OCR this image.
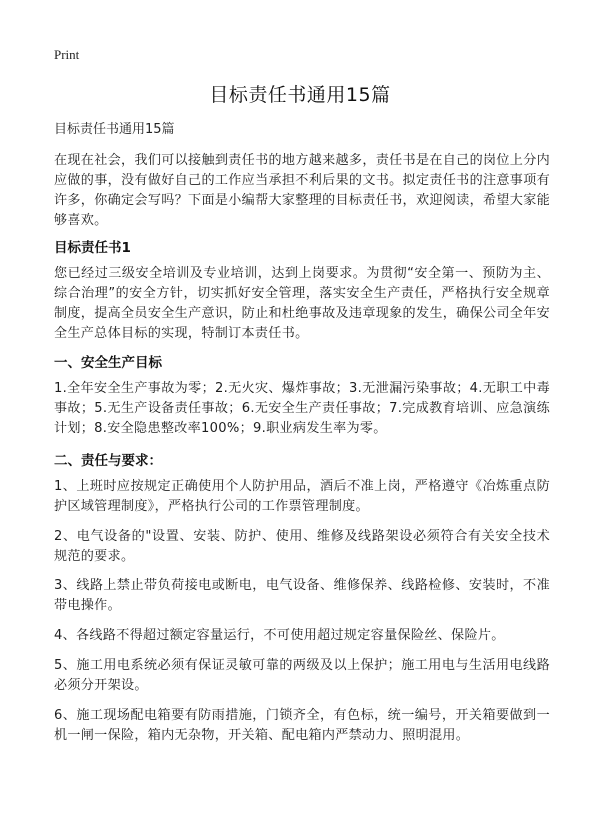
Print
目标责任书通用15篇
目标责任书通用15篇

在现在社会，我们可以接触到责任书的地方越来越多，责任书是在自己的岗位上分内应做的事，没有做好自己的工作应当承担不利后果的文书。拟定责任书的注意事项有许多，你确定会写吗？下面是小编帮大家整理的目标责任书，欢迎阅读，希望大家能够喜欢。

目标责任书1

您已经过三级安全培训及专业培训，达到上岗要求。为贯彻“安全第一、预防为主、综合治理”的安全方针，切实抓好安全管理，落实安全生产责任，严格执行安全规章制度，提高全员安全生产意识，防止和杜绝事故及违章现象的发生，确保公司全年安全生产总体目标的实现，特制订本责任书。

一、安全生产目标

1.全年安全生产事故为零；2.无火灾、爆炸事故；3.无泄漏污染事故；4.无职工中毒事故；5.无生产设备责任事故；6.无安全生产责任事故；7.完成教育培训、应急演练计划；8.安全隐患整改率100%；9.职业病发生率为零。

二、责任与要求：

1、上班时应按规定正确使用个人防护用品，酒后不准上岗，严格遵守《冶炼重点防护区域管理制度》，严格执行公司的工作票管理制度。

2、电气设备的"设置、安装、防护、使用、维修及线路架设必须符合有关安全技术规范的要求。

3、线路上禁止带负荷接电或断电，电气设备、维修保养、线路检修、安装时，不准带电操作。

4、各线路不得超过额定容量运行，不可使用超过规定容量保险丝、保险片。

5、施工用电系统必须有保证灵敏可靠的两级及以上保护；施工用电与生活用电线路必须分开架设。

6、施工现场配电箱要有防雨措施，门锁齐全，有色标，统一编号，开关箱要做到一机一闸一保险，箱内无杂物，开关箱、配电箱内严禁动力、照明混用。
